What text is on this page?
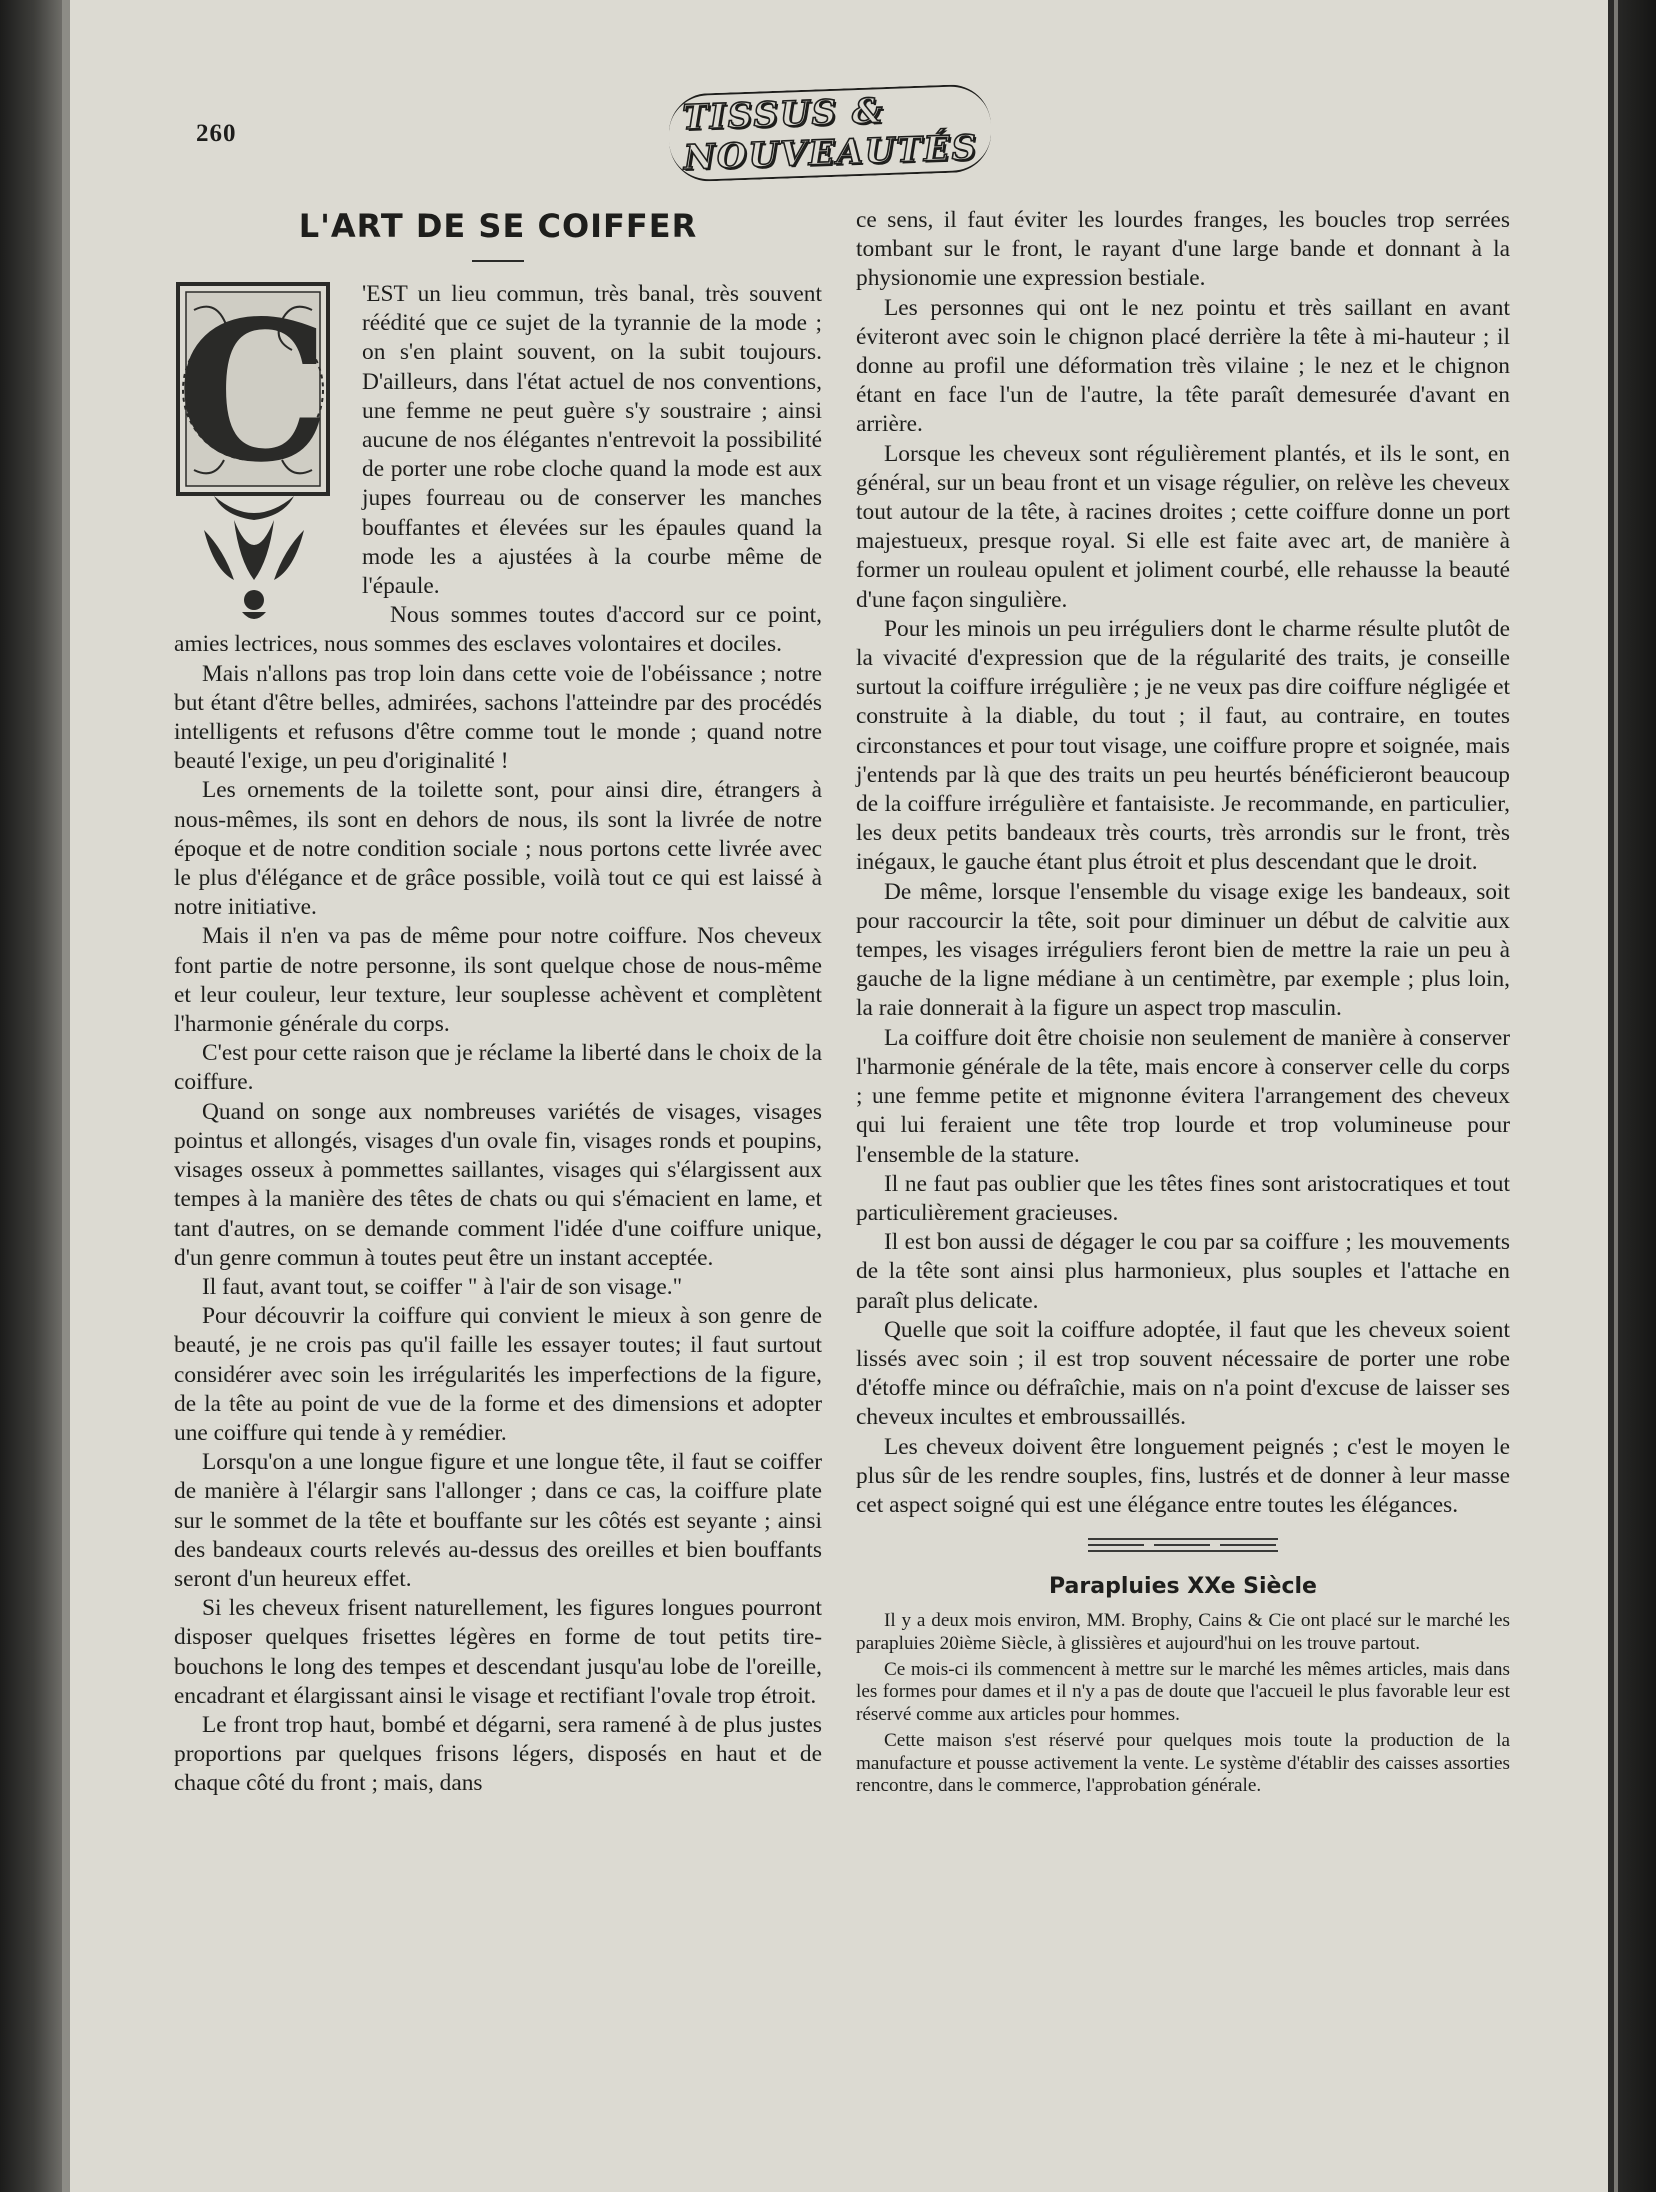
260	TISSUS & NOUVEAUTÉS
L'ART DE SE COIFFER
C	'EST un lieu commun, très banal, très souvent réédité que ce sujet de la tyrannie de la mode ; on s'en plaint souvent, on la subit toujours. D'ailleurs, dans l'état actuel de nos conventions, une femme ne peut guère s'y soustraire ; ainsi aucune de nos élégantes n'entrevoit la possibilité de porter une robe cloche quand la mode est aux jupes fourreau ou de conserver les manches bouffantes et élevées sur les épaules quand la mode les a ajustées à la courbe même de l'épaule.

Nous sommes toutes d'accord sur ce point, amies lectrices, nous sommes des esclaves volontaires et dociles.

Mais n'allons pas trop loin dans cette voie de l'obéissance ; notre but étant d'être belles, admirées, sachons l'atteindre par des procédés intelligents et refusons d'être comme tout le monde ; quand notre beauté l'exige, un peu d'originalité !

Les ornements de la toilette sont, pour ainsi dire, étrangers à nous-mêmes, ils sont en dehors de nous, ils sont la livrée de notre époque et de notre condition sociale ; nous portons cette livrée avec le plus d'élégance et de grâce possible, voilà tout ce qui est laissé à notre initiative.

Mais il n'en va pas de même pour notre coiffure. Nos cheveux font partie de notre personne, ils sont quelque chose de nous-même et leur couleur, leur texture, leur souplesse achèvent et complètent l'harmonie générale du corps.

C'est pour cette raison que je réclame la liberté dans le choix de la coiffure.

Quand on songe aux nombreuses variétés de visages, visages pointus et allongés, visages d'un ovale fin, visages ronds et poupins, visages osseux à pommettes saillantes, visages qui s'élargissent aux tempes à la manière des têtes de chats ou qui s'émacient en lame, et tant d'autres, on se demande comment l'idée d'une coiffure unique, d'un genre commun à toutes peut être un instant acceptée.

Il faut, avant tout, se coiffer " à l'air de son visage."

Pour découvrir la coiffure qui convient le mieux à son genre de beauté, je ne crois pas qu'il faille les essayer toutes; il faut surtout considérer avec soin les irrégularités les imperfections de la figure, de la tête au point de vue de la forme et des dimensions et adopter une coiffure qui tende à y remédier.

Lorsqu'on a une longue figure et une longue tête, il faut se coiffer de manière à l'élargir sans l'allonger ; dans ce cas, la coiffure plate sur le sommet de la tête et bouffante sur les côtés est seyante ; ainsi des bandeaux courts relevés au-dessus des oreilles et bien bouffants seront d'un heureux effet.

Si les cheveux frisent naturellement, les figures longues pourront disposer quelques frisettes légères en forme de tout petits tire-bouchons le long des tempes et descendant jusqu'au lobe de l'oreille, encadrant et élargissant ainsi le visage et rectifiant l'ovale trop étroit.

Le front trop haut, bombé et dégarni, sera ramené à de plus justes proportions par quelques frisons légers, disposés en haut et de chaque côté du front ; mais, dans

ce sens, il faut éviter les lourdes franges, les boucles trop serrées tombant sur le front, le rayant d'une large bande et donnant à la physionomie une expression bestiale.

Les personnes qui ont le nez pointu et très saillant en avant éviteront avec soin le chignon placé derrière la tête à mi-hauteur ; il donne au profil une déformation très vilaine ; le nez et le chignon étant en face l'un de l'autre, la tête paraît demesurée d'avant en arrière.

Lorsque les cheveux sont régulièrement plantés, et ils le sont, en général, sur un beau front et un visage régulier, on relève les cheveux tout autour de la tête, à racines droites ; cette coiffure donne un port majestueux, presque royal. Si elle est faite avec art, de manière à former un rouleau opulent et joliment courbé, elle rehausse la beauté d'une façon singulière.

Pour les minois un peu irréguliers dont le charme résulte plutôt de la vivacité d'expression que de la régularité des traits, je conseille surtout la coiffure irrégulière ; je ne veux pas dire coiffure négligée et construite à la diable, du tout ; il faut, au contraire, en toutes circonstances et pour tout visage, une coiffure propre et soignée, mais j'entends par là que des traits un peu heurtés bénéficieront beaucoup de la coiffure irrégulière et fantaisiste. Je recommande, en particulier, les deux petits bandeaux très courts, très arrondis sur le front, très inégaux, le gauche étant plus étroit et plus descendant que le droit.

De même, lorsque l'ensemble du visage exige les bandeaux, soit pour raccourcir la tête, soit pour diminuer un début de calvitie aux tempes, les visages irréguliers feront bien de mettre la raie un peu à gauche de la ligne médiane à un centimètre, par exemple ; plus loin, la raie donnerait à la figure un aspect trop masculin.

La coiffure doit être choisie non seulement de manière à conserver l'harmonie générale de la tête, mais encore à conserver celle du corps ; une femme petite et mignonne évitera l'arrangement des cheveux qui lui feraient une tête trop lourde et trop volumineuse pour l'ensemble de la stature.

Il ne faut pas oublier que les têtes fines sont aristocratiques et tout particulièrement gracieuses.

Il est bon aussi de dégager le cou par sa coiffure ; les mouvements de la tête sont ainsi plus harmonieux, plus souples et l'attache en paraît plus delicate.

Quelle que soit la coiffure adoptée, il faut que les cheveux soient lissés avec soin ; il est trop souvent nécessaire de porter une robe d'étoffe mince ou défraîchie, mais on n'a point d'excuse de laisser ses cheveux incultes et embroussaillés.

Les cheveux doivent être longuement peignés ; c'est le moyen le plus sûr de les rendre souples, fins, lustrés et de donner à leur masse cet aspect soigné qui est une élégance entre toutes les élégances.

Parapluies XXe Siècle

Il y a deux mois environ, MM. Brophy, Cains & Cie ont placé sur le marché les parapluies 20ième Siècle, à glissières et aujourd'hui on les trouve partout.

Ce mois-ci ils commencent à mettre sur le marché les mêmes articles, mais dans les formes pour dames et il n'y a pas de doute que l'accueil le plus favorable leur est réservé comme aux articles pour hommes.

Cette maison s'est réservé pour quelques mois toute la production de la manufacture et pousse activement la vente. Le système d'établir des caisses assorties rencontre, dans le commerce, l'approbation générale.
